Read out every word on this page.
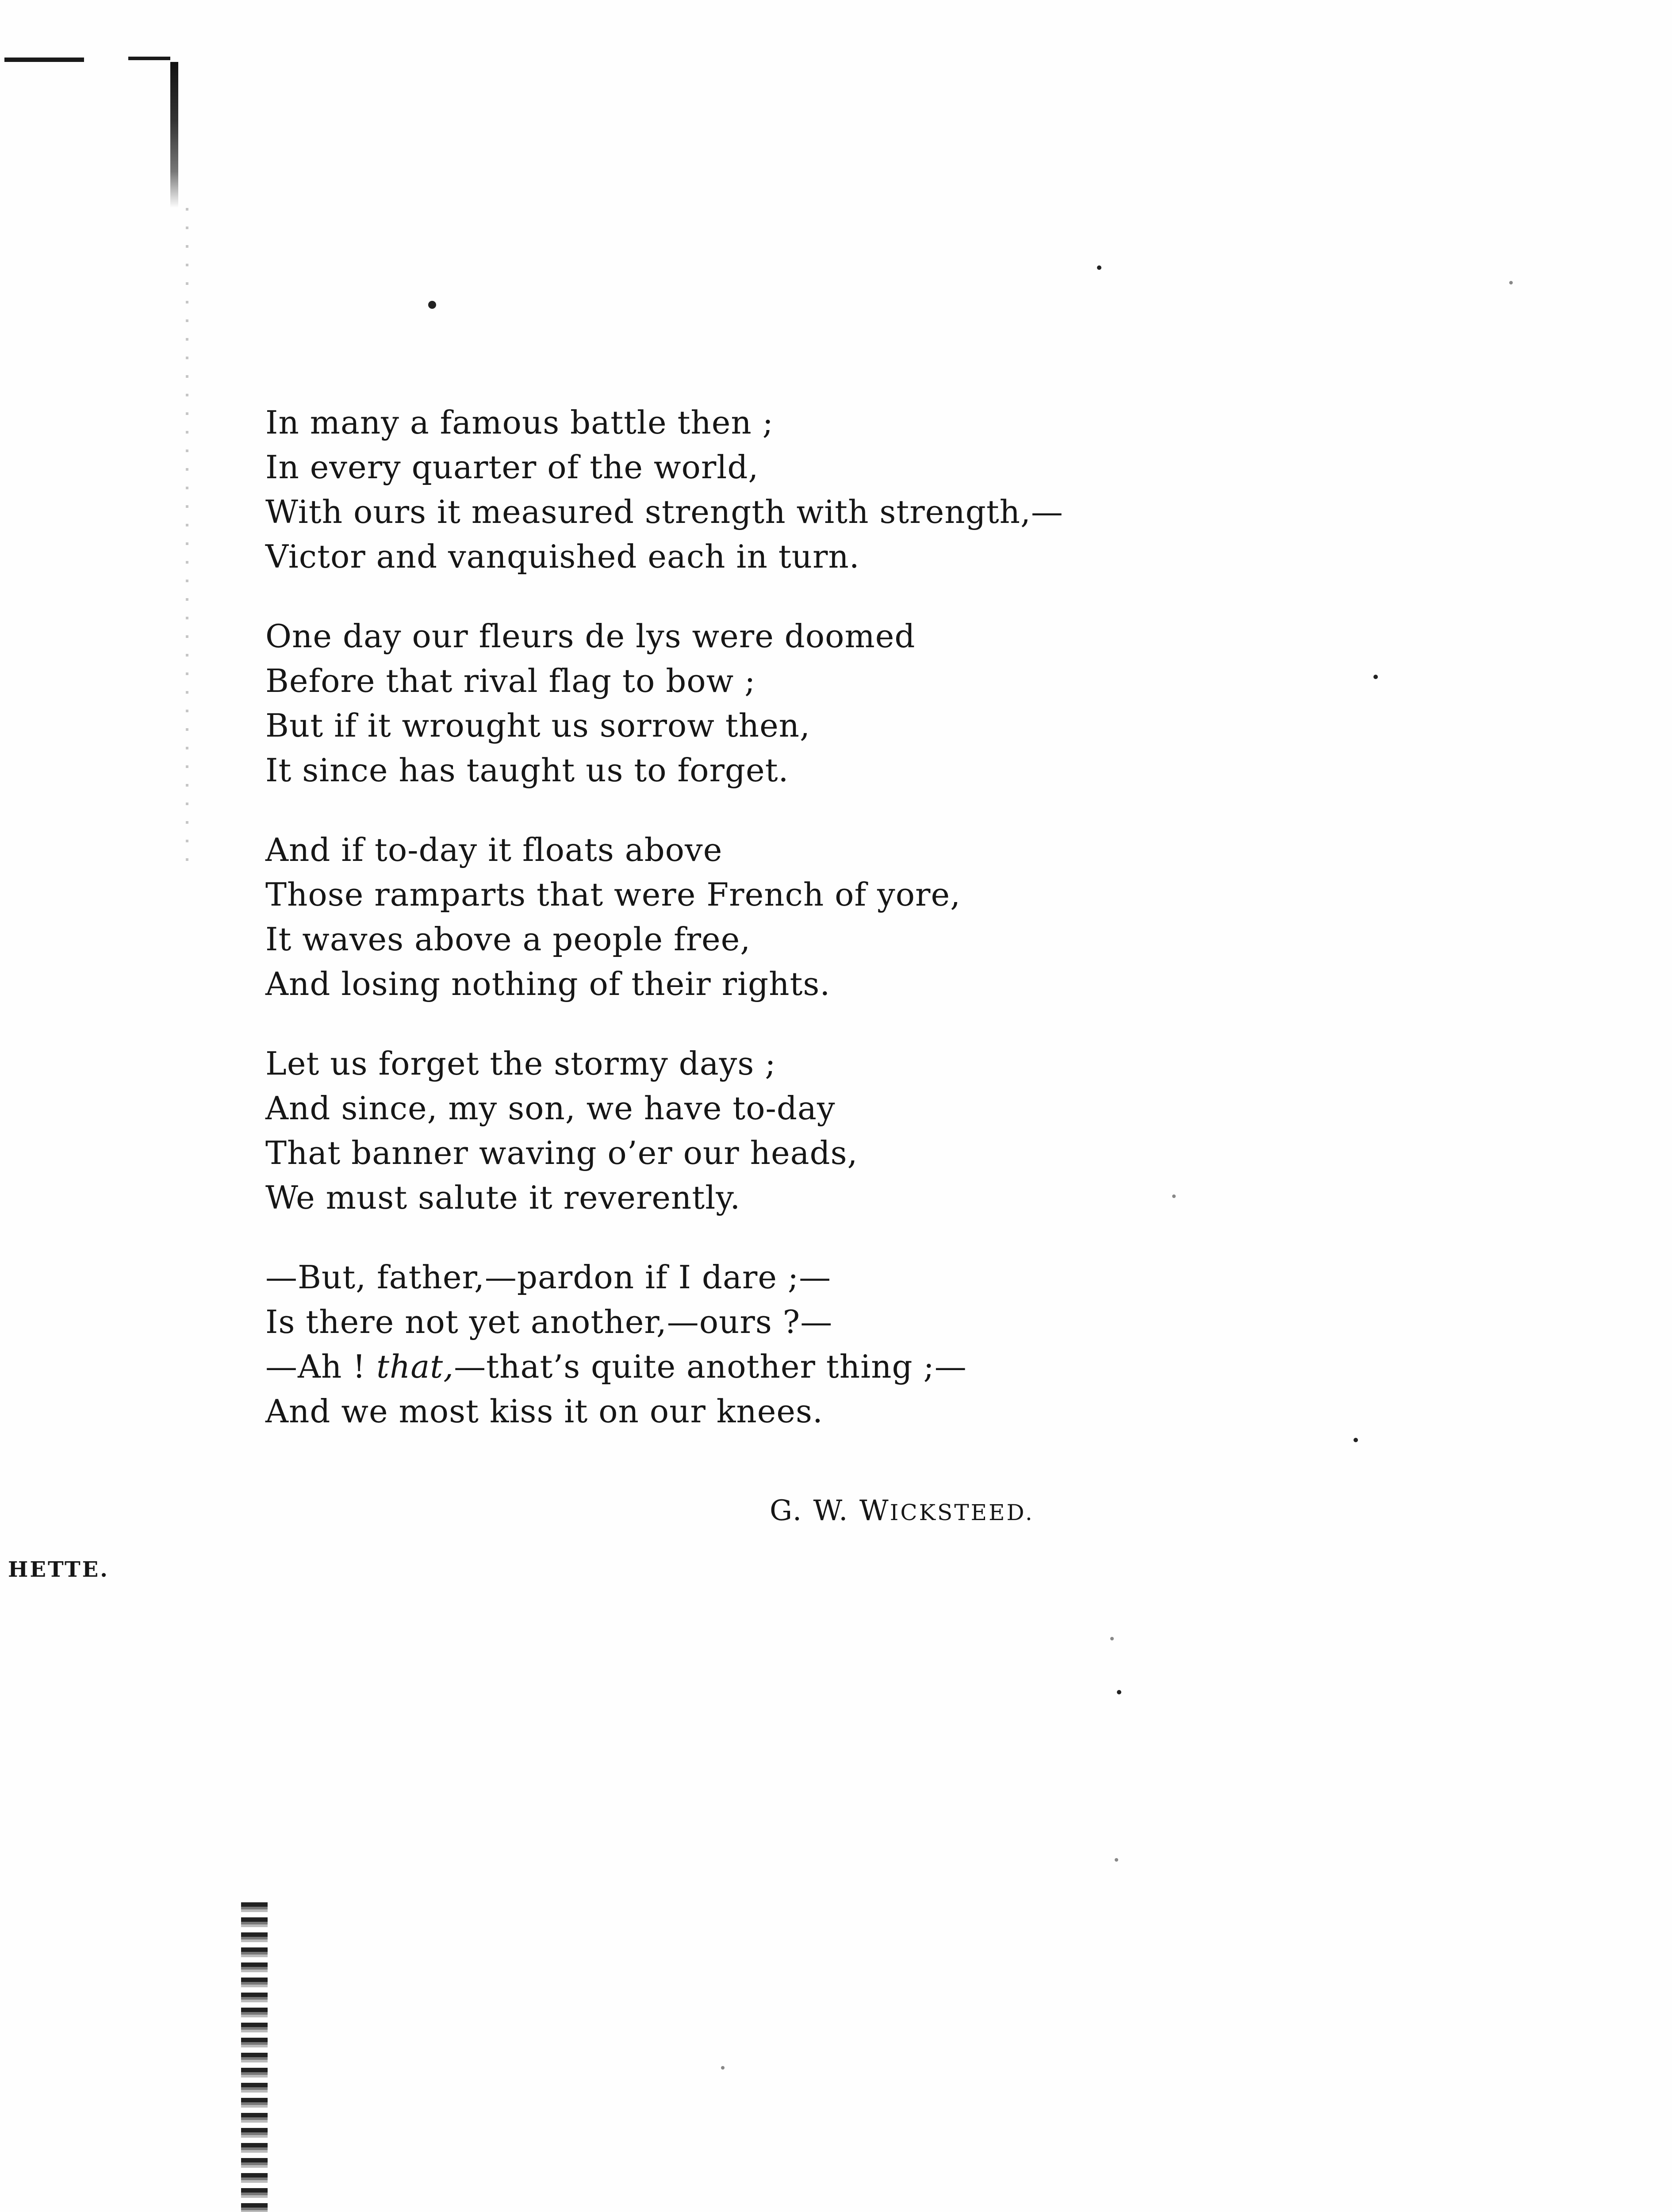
In many a famous battle then ;
In every quarter of the world,
With ours it measured strength with strength,—
Victor and vanquished each in turn.
One day our fleurs de lys were doomed
Before that rival flag to bow ;
But if it wrought us sorrow then,
It since has taught us to forget.
And if to-day it floats above
Those ramparts that were French of yore,
It waves above a people free,
And losing nothing of their rights.
Let us forget the stormy days ;
And since, my son, we have to-day
That banner waving o’er our heads,
We must salute it reverently.
—But, father,—pardon if I dare ;—
Is there not yet another,—ours ?—
—Ah ! that,—that’s quite another thing ;—
And we most kiss it on our knees.
G. W. WICKSTEED.
HETTE.
